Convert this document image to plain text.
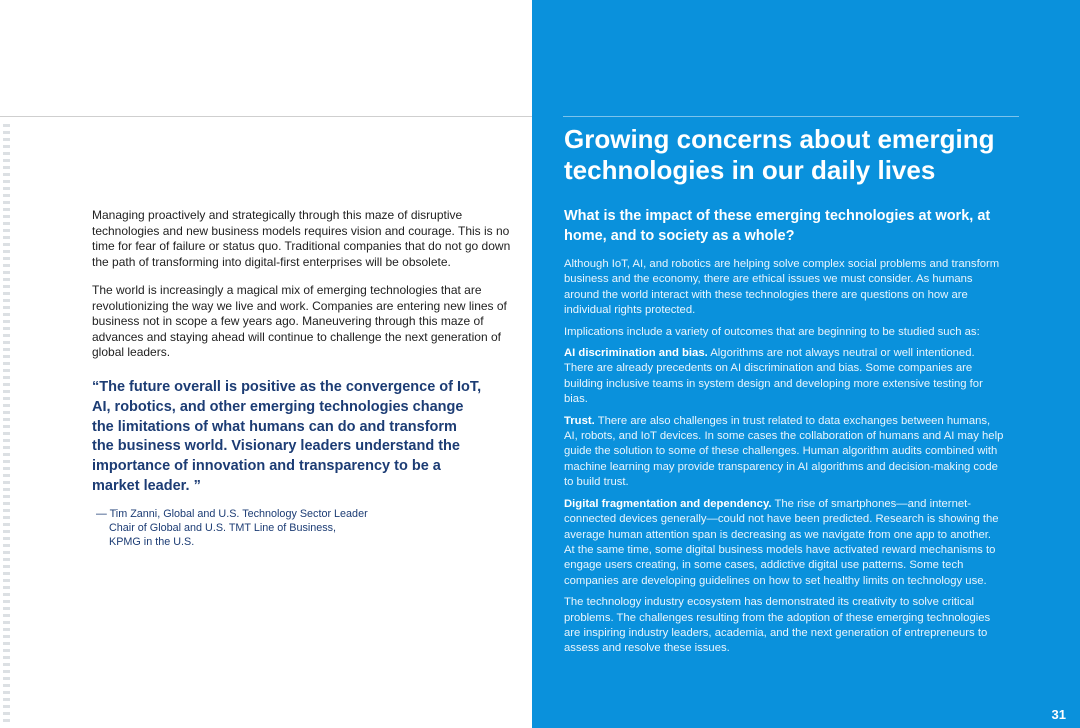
Managing proactively and strategically through this maze of disruptive technologies and new business models requires vision and courage. This is no time for fear of failure or status quo. Traditional companies that do not go down the path of transforming into digital-first enterprises will be obsolete.

The world is increasingly a magical mix of emerging technologies that are revolutionizing the way we live and work. Companies are entering new lines of business not in scope a few years ago. Maneuvering through this maze of advances and staying ahead will continue to challenge the next generation of global leaders.

“The future overall is positive as the convergence of IoT, AI, robotics, and other emerging technologies change the limitations of what humans can do and transform the business world. Visionary leaders understand the importance of innovation and transparency to be a market leader. ”

— Tim Zanni, Global and U.S. Technology Sector Leader
Chair of Global and U.S. TMT Line of Business,
KPMG in the U.S.
Growing concerns about emerging technologies in our daily lives
What is the impact of these emerging technologies at work, at home, and to society as a whole?

Although IoT, AI, and robotics are helping solve complex social problems and transform business and the economy, there are ethical issues we must consider. As humans around the world interact with these technologies there are questions on how are individual rights protected.

Implications include a variety of outcomes that are beginning to be studied such as:

AI discrimination and bias. Algorithms are not always neutral or well intentioned. There are already precedents on AI discrimination and bias. Some companies are building inclusive teams in system design and developing more extensive testing for bias.

Trust. There are also challenges in trust related to data exchanges between humans, AI, robots, and IoT devices. In some cases the collaboration of humans and AI may help guide the solution to some of these challenges. Human algorithm audits combined with machine learning may provide transparency in AI algorithms and decision-making code to build trust.

Digital fragmentation and dependency. The rise of smartphones—and internet-connected devices generally—could not have been predicted. Research is showing the average human attention span is decreasing as we navigate from one app to another. At the same time, some digital business models have activated reward mechanisms to engage users creating, in some cases, addictive digital use patterns. Some tech companies are developing guidelines on how to set healthy limits on technology use.

The technology industry ecosystem has demonstrated its creativity to solve critical problems. The challenges resulting from the adoption of these emerging technologies are inspiring industry leaders, academia, and the next generation of entrepreneurs to assess and resolve these issues.

31
